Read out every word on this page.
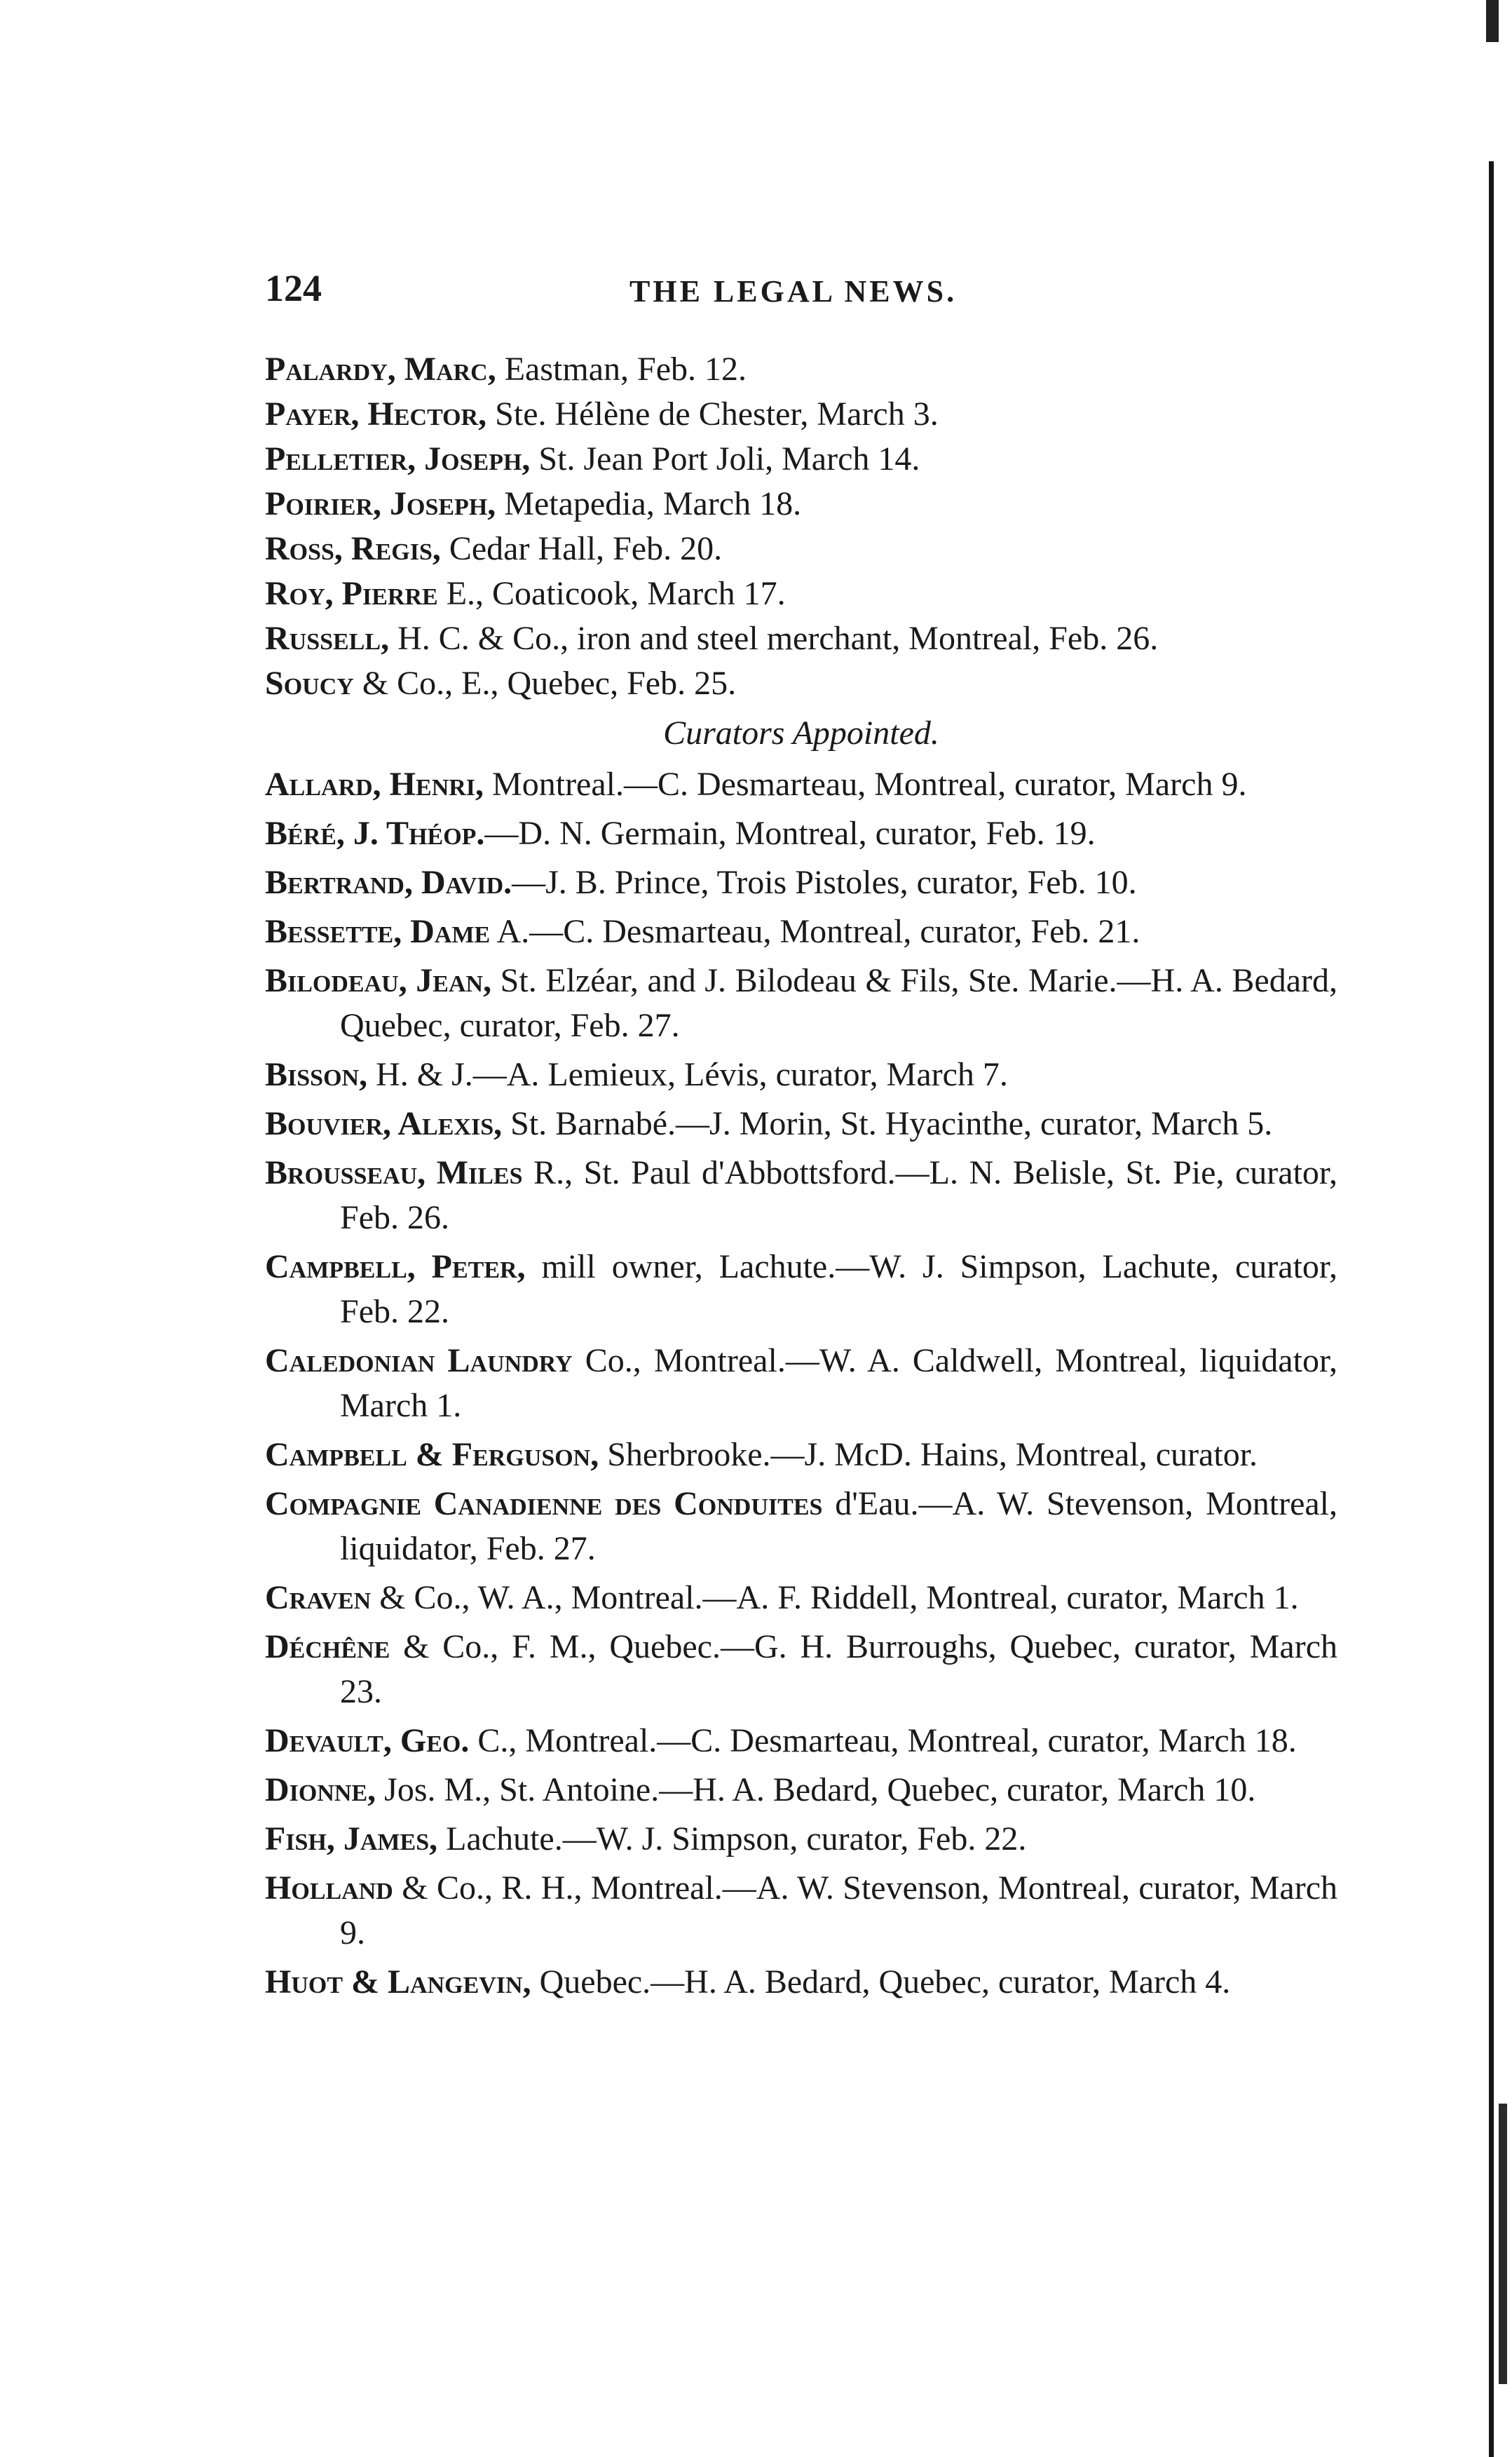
124	THE LEGAL NEWS.

Palardy, Marc, Eastman, Feb. 12.

Payer, Hector, Ste. Hélène de Chester, March 3.

Pelletier, Joseph, St. Jean Port Joli, March 14.

Poirier, Joseph, Metapedia, March 18.

Ross, Regis, Cedar Hall, Feb. 20.

Roy, Pierre E., Coaticook, March 17.

Russell, H. C. & Co., iron and steel merchant, Montreal, Feb. 26.

Soucy & Co., E., Quebec, Feb. 25.

Curators Appointed.

Allard, Henri, Montreal.—C. Desmarteau, Montreal, curator, March 9.

Béré, J. Théop.—D. N. Germain, Montreal, curator, Feb. 19.

Bertrand, David.—J. B. Prince, Trois Pistoles, curator, Feb. 10.

Bessette, Dame A.—C. Desmarteau, Montreal, curator, Feb. 21.

Bilodeau, Jean, St. Elzéar, and J. Bilodeau & Fils, Ste. Marie.—H. A. Bedard, Quebec, curator, Feb. 27.

Bisson, H. & J.—A. Lemieux, Lévis, curator, March 7.

Bouvier, Alexis, St. Barnabé.—J. Morin, St. Hyacinthe, curator, March 5.

Brousseau, Miles R., St. Paul d'Abbottsford.—L. N. Belisle, St. Pie, curator, Feb. 26.

Campbell, Peter, mill owner, Lachute.—W. J. Simpson, Lachute, curator, Feb. 22.

Caledonian Laundry Co., Montreal.—W. A. Caldwell, Montreal, liquidator, March 1.

Campbell & Ferguson, Sherbrooke.—J. McD. Hains, Montreal, curator.

Compagnie Canadienne des Conduites d'Eau.—A. W. Stevenson, Montreal, liquidator, Feb. 27.

Craven & Co., W. A., Montreal.—A. F. Riddell, Montreal, curator, March 1.

Déchêne & Co., F. M., Quebec.—G. H. Burroughs, Quebec, curator, March 23.

Devault, Geo. C., Montreal.—C. Desmarteau, Montreal, curator, March 18.

Dionne, Jos. M., St. Antoine.—H. A. Bedard, Quebec, curator, March 10.

Fish, James, Lachute.—W. J. Simpson, curator, Feb. 22.

Holland & Co., R. H., Montreal.—A. W. Stevenson, Montreal, curator, March 9.

Huot & Langevin, Quebec.—H. A. Bedard, Quebec, curator, March 4.
